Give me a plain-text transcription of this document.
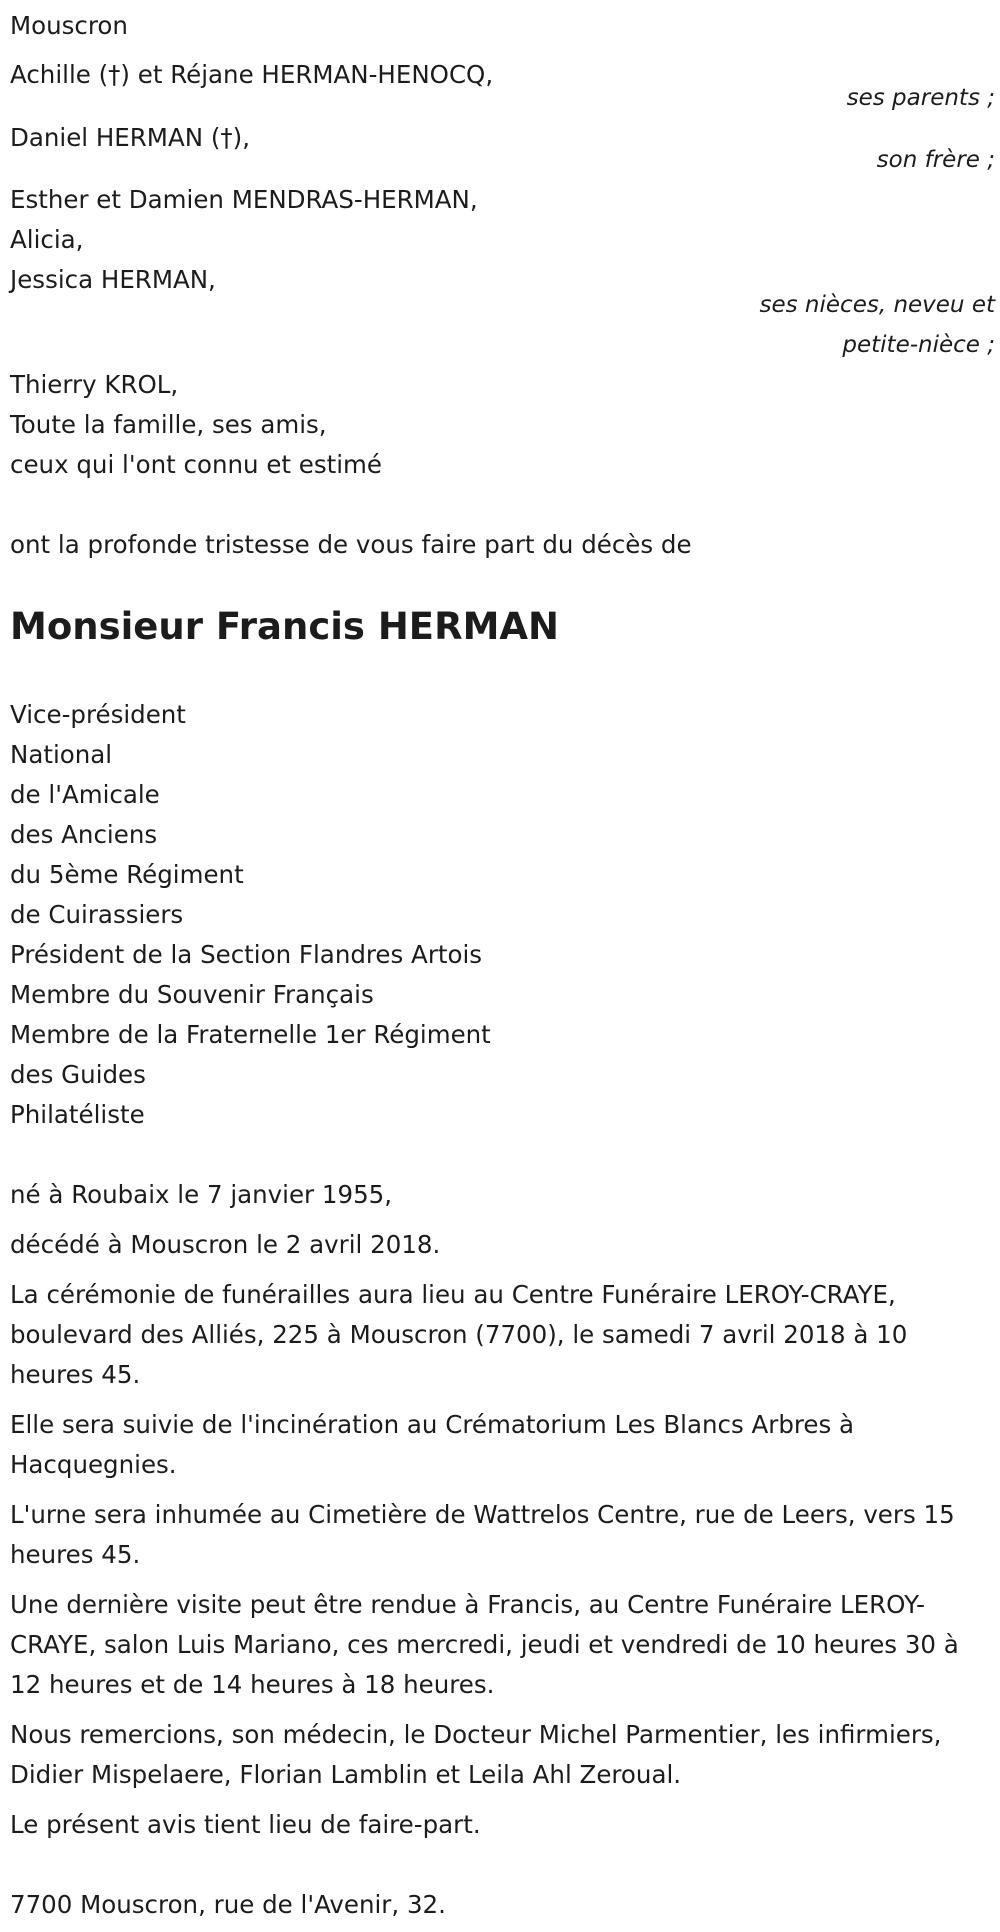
Mouscron
Achille (†) et Réjane HERMAN-HENOCQ,
ses parents ;
Daniel HERMAN (†),
son frère ;
Esther et Damien MENDRAS-HERMAN,
Alicia,
Jessica HERMAN,
ses nièces, neveu et
petite-nièce ;
Thierry KROL,
Toute la famille, ses amis,
ceux qui l'ont connu et estimé
ont la profonde tristesse de vous faire part du décès de
Monsieur Francis HERMAN
Vice-président
National
de l'Amicale
des Anciens
du 5ème Régiment
de Cuirassiers
Président de la Section Flandres Artois
Membre du Souvenir Français
Membre de la Fraternelle 1er Régiment
des Guides
Philatéliste
né à Roubaix le 7 janvier 1955,
décédé à Mouscron le 2 avril 2018.
La cérémonie de funérailles aura lieu au Centre Funéraire LEROY-CRAYE, boulevard des Alliés, 225 à Mouscron (7700), le samedi 7 avril 2018 à 10 heures 45.
Elle sera suivie de l'incinération au Crématorium Les Blancs Arbres à Hacquegnies.
L'urne sera inhumée au Cimetière de Wattrelos Centre, rue de Leers, vers 15 heures 45.
Une dernière visite peut être rendue à Francis, au Centre Funéraire LEROY-CRAYE, salon Luis Mariano, ces mercredi, jeudi et vendredi de 10 heures 30 à 12 heures et de 14 heures à 18 heures.
Nous remercions, son médecin, le Docteur Michel Parmentier, les infirmiers, Didier Mispelaere, Florian Lamblin et Leila Ahl Zeroual.
Le présent avis tient lieu de faire-part.
7700 Mouscron, rue de l'Avenir, 32.
